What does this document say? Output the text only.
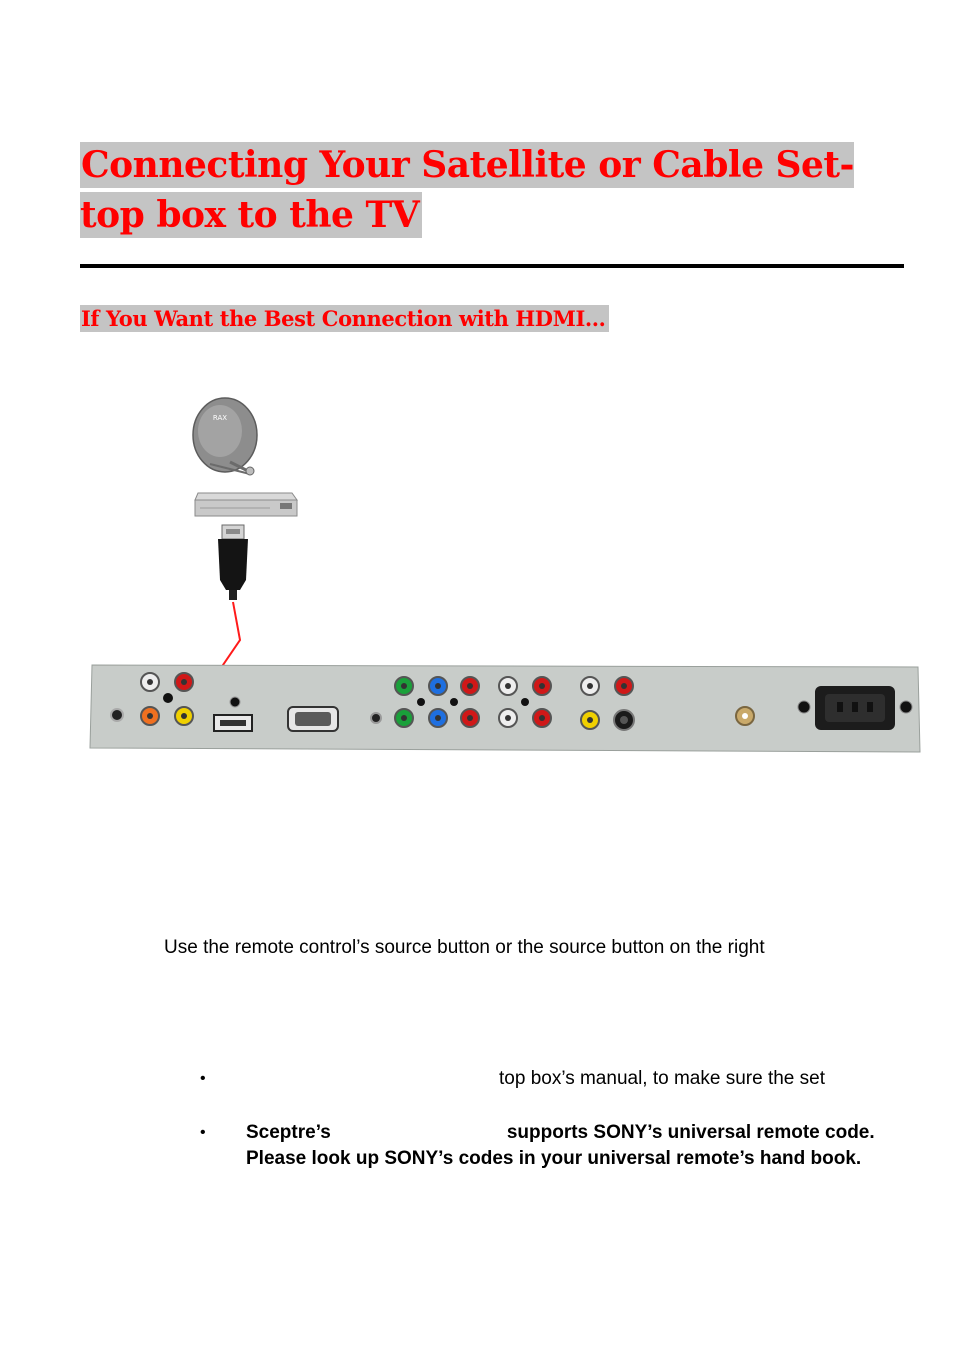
Connecting Your Satellite or Cable Set-top box to the TV
If You Want the Best Connection with HDMI…
RAX

Use the remote control’s source button or the source button on the right

•	top box’s manual, to make sure the set
• Sceptre’s	supports SONY’s universal remote code. Please look up SONY’s codes in your universal remote’s hand book.
